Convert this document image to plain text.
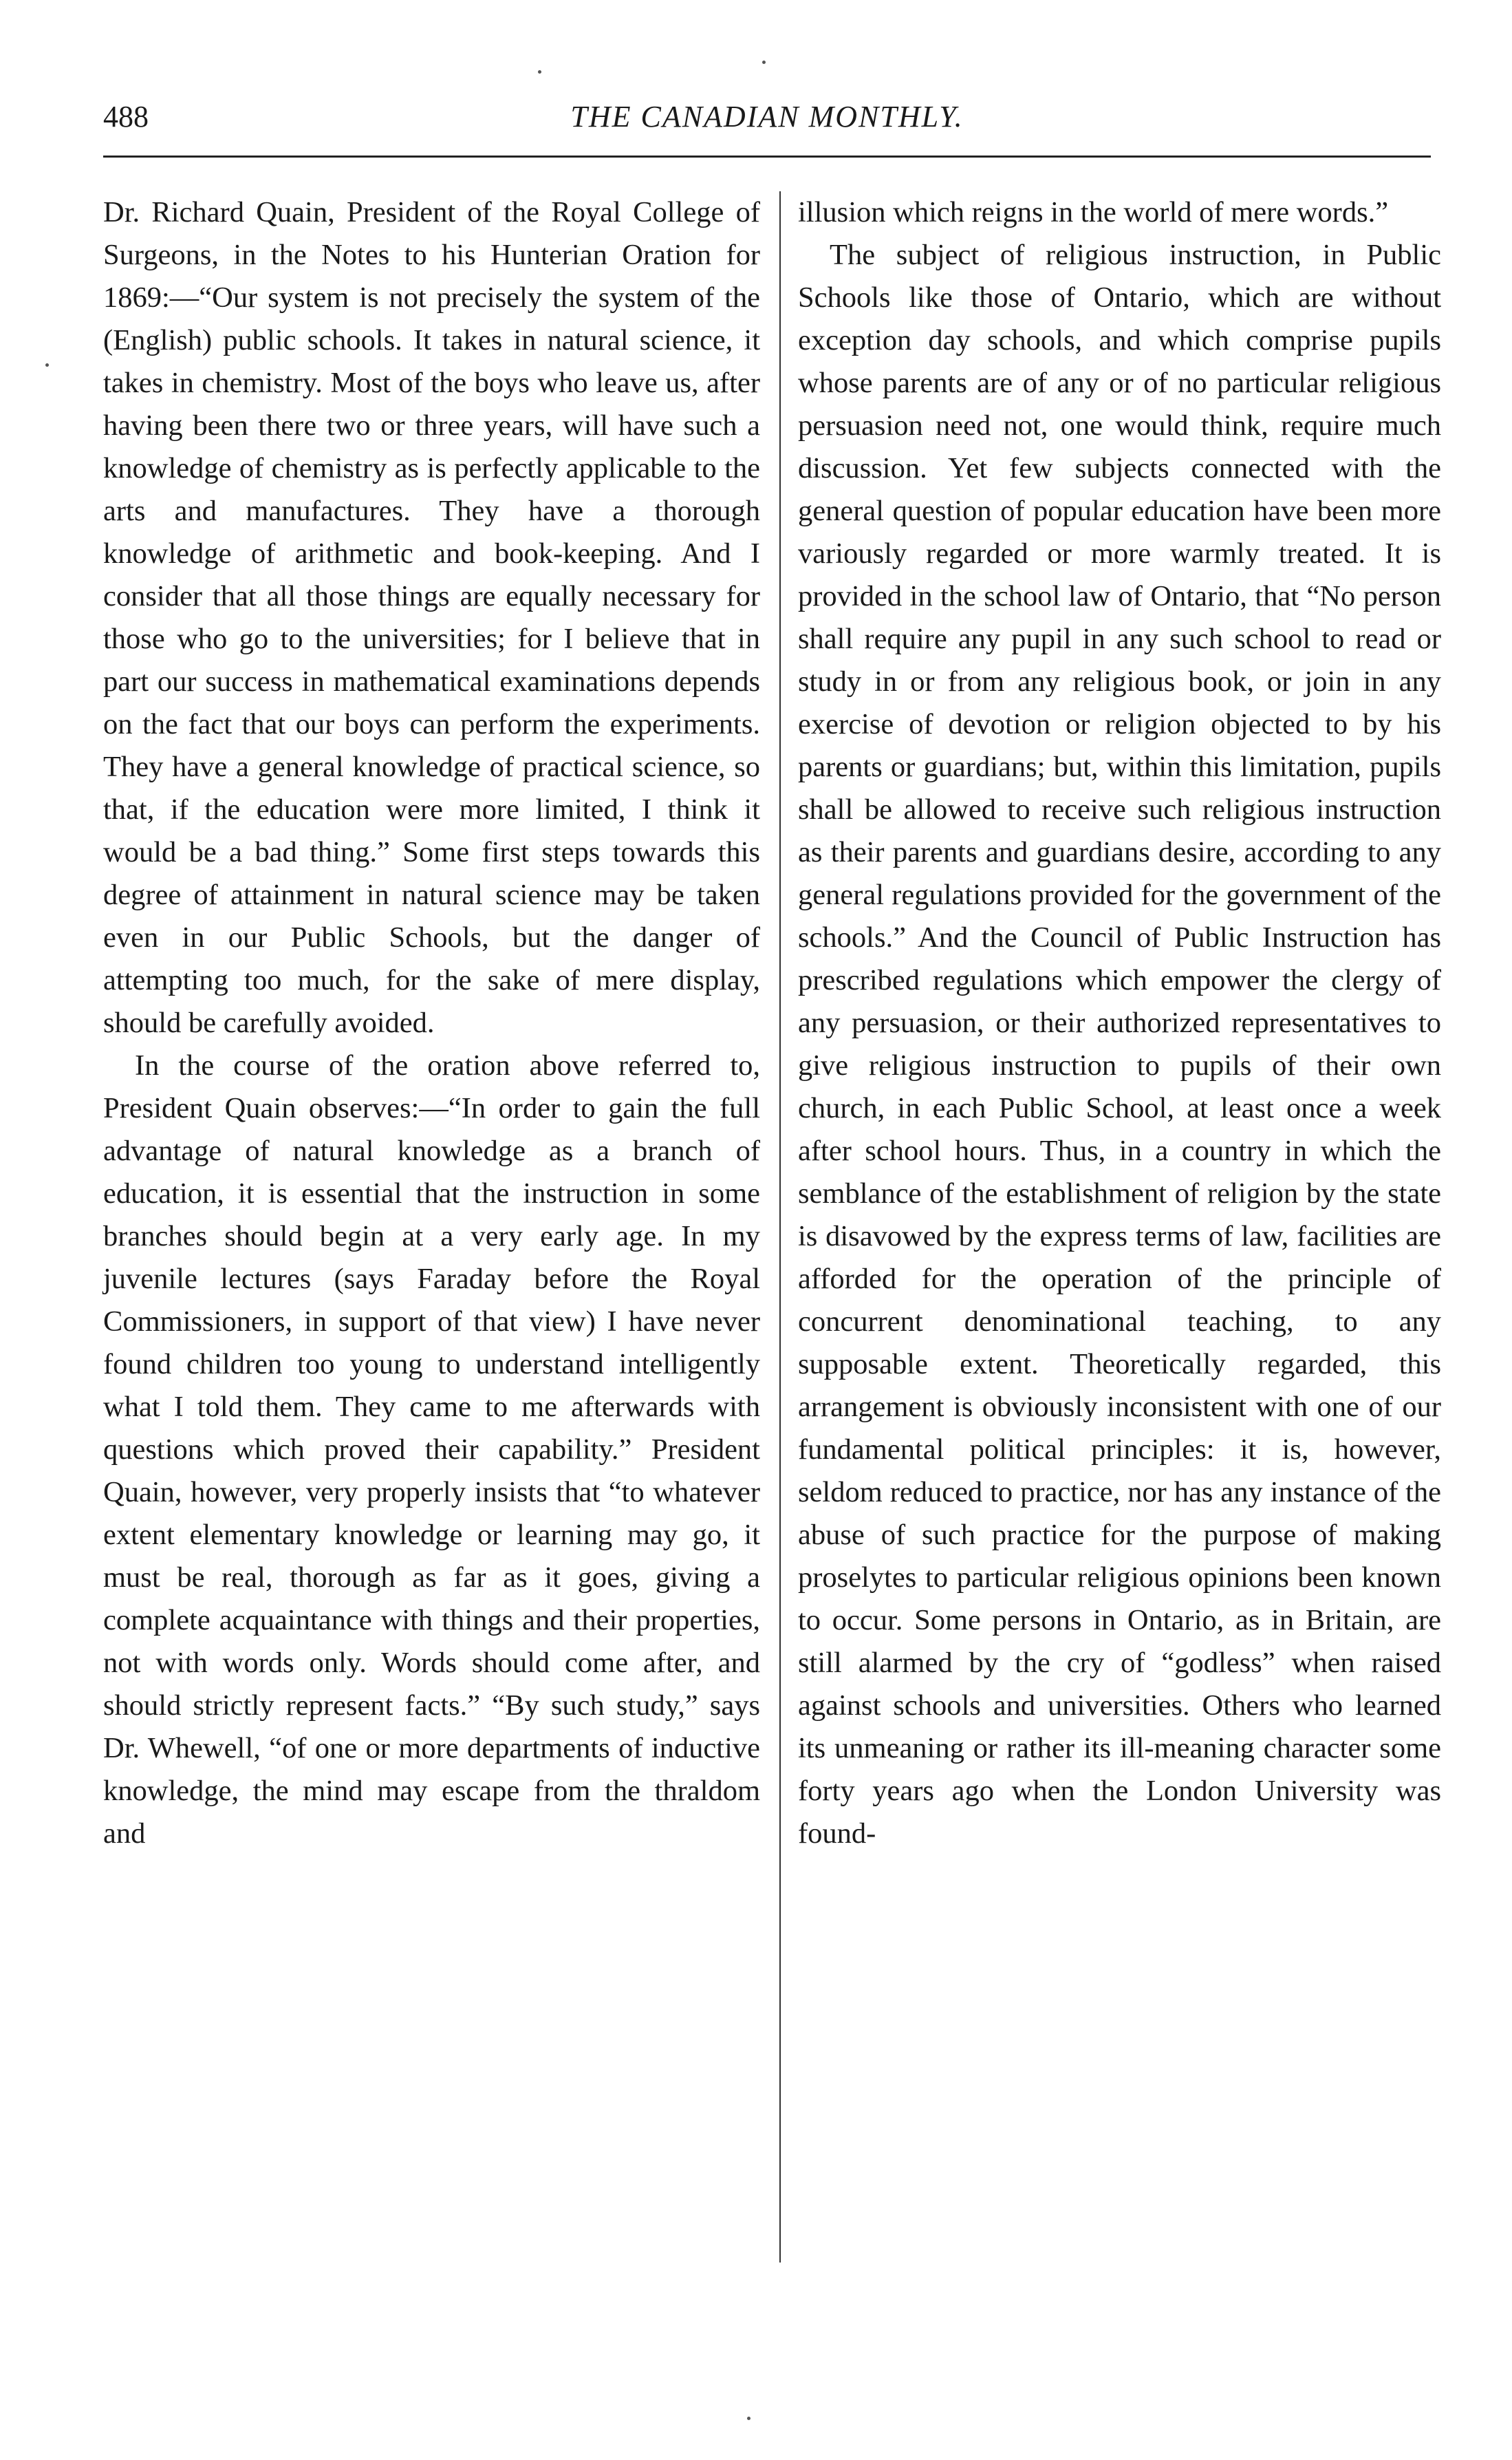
488	THE CANADIAN MONTHLY.

Dr. Richard Quain, President of the Royal College of Surgeons, in the Notes to his Hunterian Oration for 1869:—“Our system is not precisely the system of the (English) public schools. It takes in natural science, it takes in chemistry. Most of the boys who leave us, after having been there two or three years, will have such a knowledge of chemistry as is perfectly applicable to the arts and manufactures. They have a thorough knowledge of arithmetic and book-keeping. And I consider that all those things are equally necessary for those who go to the universities; for I believe that in part our success in mathematical examinations depends on the fact that our boys can perform the experiments. They have a general knowledge of practical science, so that, if the education were more limited, I think it would be a bad thing.” Some first steps towards this degree of attainment in natural science may be taken even in our Public Schools, but the danger of attempting too much, for the sake of mere display, should be carefully avoided.

In the course of the oration above referred to, President Quain observes:—“In order to gain the full advantage of natural knowledge as a branch of education, it is essential that the instruction in some branches should begin at a very early age. In my juvenile lectures (says Faraday before the Royal Commissioners, in support of that view) I have never found children too young to understand intelligently what I told them. They came to me afterwards with questions which proved their capability.” President Quain, however, very properly insists that “to whatever extent elementary knowledge or learning may go, it must be real, thorough as far as it goes, giving a complete acquaintance with things and their properties, not with words only. Words should come after, and should strictly represent facts.” “By such study,” says Dr. Whewell, “of one or more departments of inductive knowledge, the mind may escape from the thraldom and

illusion which reigns in the world of mere words.”

The subject of religious instruction, in Public Schools like those of Ontario, which are without exception day schools, and which comprise pupils whose parents are of any or of no particular religious persuasion need not, one would think, require much discussion. Yet few subjects connected with the general question of popular education have been more variously regarded or more warmly treated. It is provided in the school law of Ontario, that “No person shall require any pupil in any such school to read or study in or from any religious book, or join in any exercise of devotion or religion objected to by his parents or guardians; but, within this limitation, pupils shall be allowed to receive such religious instruction as their parents and guardians desire, according to any general regulations provided for the government of the schools.” And the Council of Public Instruction has prescribed regulations which empower the clergy of any persuasion, or their authorized representatives to give religious instruction to pupils of their own church, in each Public School, at least once a week after school hours. Thus, in a country in which the semblance of the establishment of religion by the state is disavowed by the express terms of law, facilities are afforded for the operation of the principle of concurrent denominational teaching, to any supposable extent. Theoretically regarded, this arrangement is obviously inconsistent with one of our fundamental political principles: it is, however, seldom reduced to practice, nor has any instance of the abuse of such practice for the purpose of making proselytes to particular religious opinions been known to occur. Some persons in Ontario, as in Britain, are still alarmed by the cry of “godless” when raised against schools and universities. Others who learned its unmeaning or rather its ill-meaning character some forty years ago when the London University was found-
